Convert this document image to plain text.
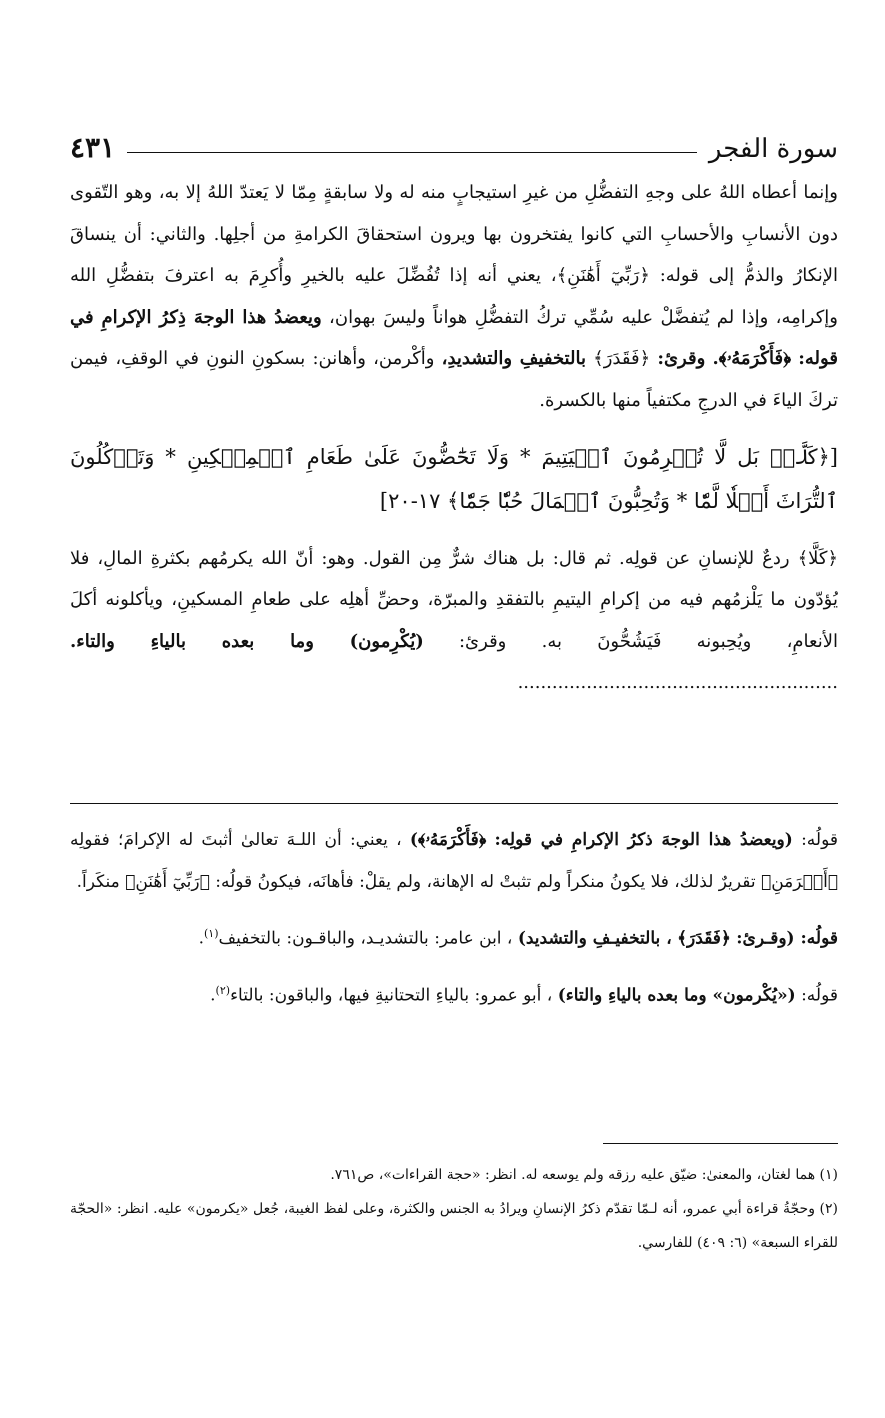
سورة الفجر
٤٣١

وإنما أعطاه اللهُ على وجهِ التفضُّلِ من غيرِ استيجابٍ منه له ولا سابقةٍ مِمّا لا يَعتدّ اللهُ إلا به، وهو التّقوى دون الأنسابِ والأحسابِ التي كانوا يفتخرون بها ويرون استحقاقَ الكرامةِ من أجلِها. والثاني: أن ينساقَ الإنكارُ والذمُّ إلى قوله: ﴿رَبِّيٓ أَهَٰنَنِ﴾، يعني أنه إذا تُفُضِّلَ عليه بالخيرِ وأُكرِمَ به اعترفَ بتفضُّلِ الله وإكرامِه، وإذا لم يُتفضَّلْ عليه سُمِّي تركُ التفضُّلِ هواناً وليسَ بهوان، ويعضدُ هذا الوجهَ ذِكرُ الإكرامِ في قوله: ﴿فَأَكْرَمَهُۥ﴾. وقرئ: ﴿فَقَدَرَ﴾ بالتخفيفِ والتشديدِ، وأكْرمن، وأهانن: بسكونِ النونِ في الوقفِ، فيمن تركَ الياءَ في الدرجِ مكتفياً منها بالكسرة.

[﴿كَلَّاۖ بَل لَّا تُكۡرِمُونَ ٱلۡيَتِيمَ * وَلَا تَحَٰٓضُّونَ عَلَىٰ طَعَامِ ٱلۡمِسۡكِينِ * وَتَأۡكُلُونَ ٱلتُّرَاثَ أَكۡلٗا لَّمّٗا * وَتُحِبُّونَ ٱلۡمَالَ حُبّٗا جَمّٗا﴾ ١٧-٢٠]

﴿كَلَّا﴾ ردعٌ للإنسانِ عن قولِه. ثم قال: بل هناك شرٌّ مِن القول. وهو: أنّ الله يكرمُهم بكثرةِ المالِ، فلا يُؤدّون ما يَلْزمُهم فيه من إكرامِ اليتيمِ بالتفقدِ والمبرّة، وحضِّ أهلِه على طعامِ المسكينِ، ويأكلونه أكلَ الأنعامِ، ويُحِبونه فَيَشُحُّونَ به. وقرئ: (يُكْرِمون) وما بعده بالياءِ والتاء. ........................................................

قولُه: (ويعضدُ هذا الوجهَ ذكرُ الإكرامِ في قولِه: ﴿فَأَكْرَمَهُۥ﴾) ، يعني: أن اللـهَ تعالىٰ أثبتَ له الإكرامَ؛ فقولِه ﴿أَكۡرَمَنِ﴾ تقريرٌ لذلك، فلا يكونُ منكراً ولم تثبتْ له الإهانة، ولم يقلْ: فأهانَه، فيكونُ قولُه: ﴿رَبِّيٓ أَهَٰنَنِ﴾ منكَراً.

قولُه: (وقـرئ: ﴿فَقَدَرَ﴾ ، بالتخفيـفِ والتشديد) ، ابن عامر: بالتشديـد، والباقـون: بالتخفيف$^{(١)}$.

قولُه: («يُكْرمون» وما بعده بالياءِ والتاء) ، أبو عمرو: بالياءِ التحتانيةِ فيها، والباقون: بالتاء$^{(٢)}$.

(١) هما لغتان، والمعنىٰ: ضيّق عليه رزقه ولم يوسعه له. انظر: «حجة القراءات»، ص٧٦١.

(٢) وحجّةُ قراءة أبي عمرو، أنه لـمّا تقدّم ذكرُ الإنسانِ ويرادُ به الجنس والكثرة، وعلى لفظ الغيبة، جُعل «يكرمون» عليه. انظر: «الحجّة للقراء السبعة» (٦: ٤٠٩) للفارسي.
